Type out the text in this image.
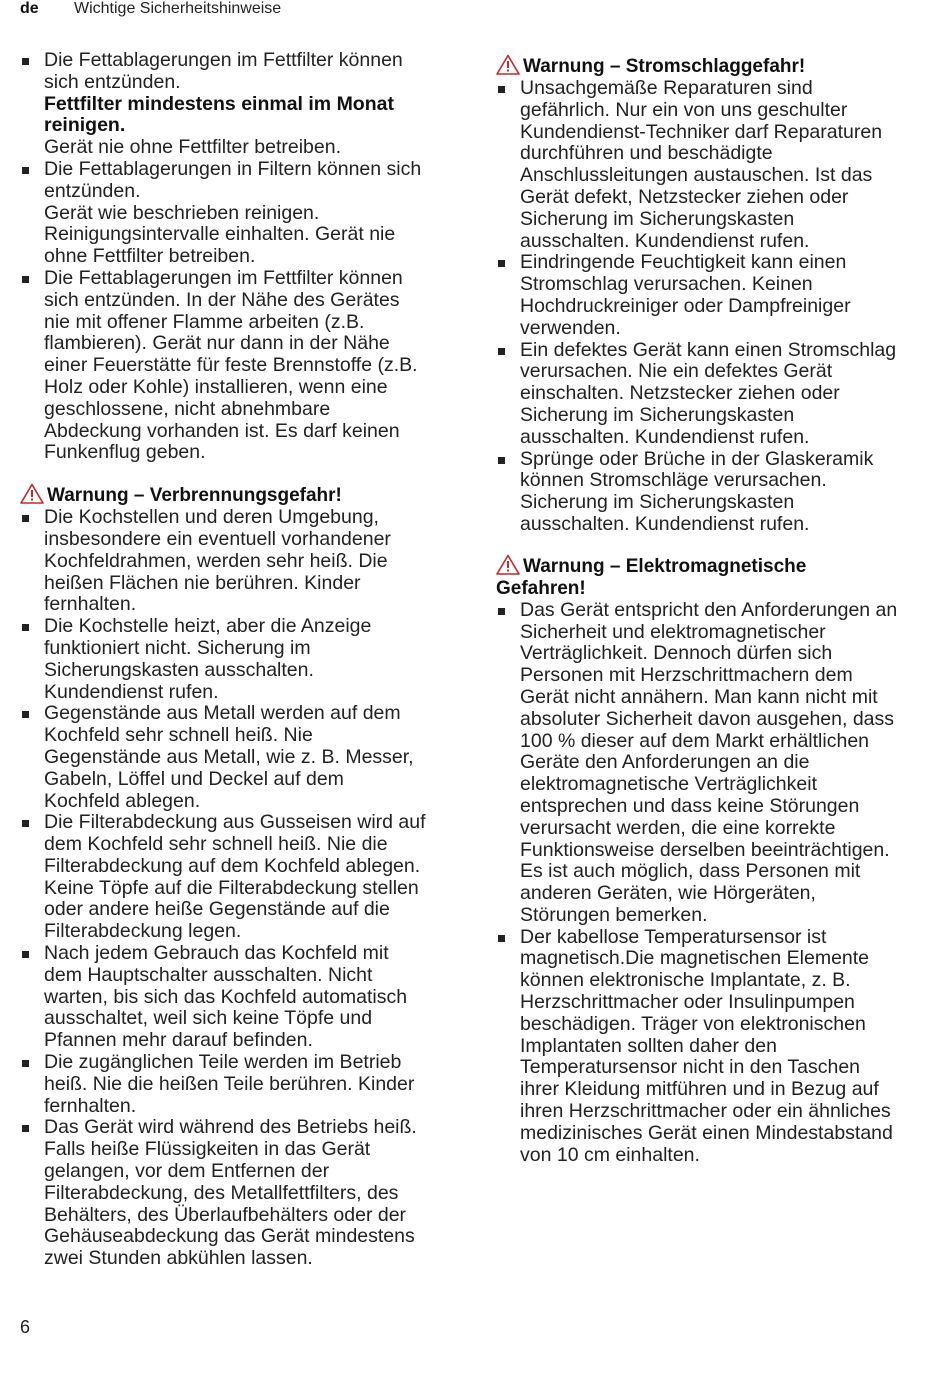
de Wichtige Sicherheitshinweise
Die Fettablagerungen im Fettfilter können
sich entzünden.
Fettfilter mindestens einmal im Monat
reinigen.
Gerät nie ohne Fettfilter betreiben.
Die Fettablagerungen in Filtern können sich
entzünden.
Gerät wie beschrieben reinigen.
Reinigungsintervalle einhalten. Gerät nie
ohne Fettfilter betreiben.
Die Fettablagerungen im Fettfilter können
sich entzünden. In der Nähe des Gerätes
nie mit offener Flamme arbeiten (z.B.
flambieren). Gerät nur dann in der Nähe
einer Feuerstätte für feste Brennstoffe (z.B.
Holz oder Kohle) installieren, wenn eine
geschlossene, nicht abnehmbare
Abdeckung vorhanden ist. Es darf keinen
Funkenflug geben.
Warnung – Verbrennungsgefahr!
Die Kochstellen und deren Umgebung,
insbesondere ein eventuell vorhandener
Kochfeldrahmen, werden sehr heiß. Die
heißen Flächen nie berühren. Kinder
fernhalten.
Die Kochstelle heizt, aber die Anzeige
funktioniert nicht. Sicherung im
Sicherungskasten ausschalten.
Kundendienst rufen.
Gegenstände aus Metall werden auf dem
Kochfeld sehr schnell heiß. Nie
Gegenstände aus Metall, wie z. B. Messer,
Gabeln, Löffel und Deckel auf dem
Kochfeld ablegen.
Die Filterabdeckung aus Gusseisen wird auf
dem Kochfeld sehr schnell heiß. Nie die
Filterabdeckung auf dem Kochfeld ablegen.
Keine Töpfe auf die Filterabdeckung stellen
oder andere heiße Gegenstände auf die
Filterabdeckung legen.
Nach jedem Gebrauch das Kochfeld mit
dem Hauptschalter ausschalten. Nicht
warten, bis sich das Kochfeld automatisch
ausschaltet, weil sich keine Töpfe und
Pfannen mehr darauf befinden.
Die zugänglichen Teile werden im Betrieb
heiß. Nie die heißen Teile berühren. Kinder
fernhalten.
Das Gerät wird während des Betriebs heiß.
Falls heiße Flüssigkeiten in das Gerät
gelangen, vor dem Entfernen der
Filterabdeckung, des Metallfettfilters, des
Behälters, des Überlaufbehälters oder der
Gehäuseabdeckung das Gerät mindestens
zwei Stunden abkühlen lassen.
Warnung – Stromschlaggefahr!
Unsachgemäße Reparaturen sind
gefährlich. Nur ein von uns geschulter
Kundendienst-Techniker darf Reparaturen
durchführen und beschädigte
Anschlussleitungen austauschen. Ist das
Gerät defekt, Netzstecker ziehen oder
Sicherung im Sicherungskasten
ausschalten. Kundendienst rufen.
Eindringende Feuchtigkeit kann einen
Stromschlag verursachen. Keinen
Hochdruckreiniger oder Dampfreiniger
verwenden.
Ein defektes Gerät kann einen Stromschlag
verursachen. Nie ein defektes Gerät
einschalten. Netzstecker ziehen oder
Sicherung im Sicherungskasten
ausschalten. Kundendienst rufen.
Sprünge oder Brüche in der Glaskeramik
können Stromschläge verursachen.
Sicherung im Sicherungskasten
ausschalten. Kundendienst rufen.
Warnung – Elektromagnetische
Gefahren!
Das Gerät entspricht den Anforderungen an
Sicherheit und elektromagnetischer
Verträglichkeit. Dennoch dürfen sich
Personen mit Herzschrittmachern dem
Gerät nicht annähern. Man kann nicht mit
absoluter Sicherheit davon ausgehen, dass
100 % dieser auf dem Markt erhältlichen
Geräte den Anforderungen an die
elektromagnetische Verträglichkeit
entsprechen und dass keine Störungen
verursacht werden, die eine korrekte
Funktionsweise derselben beeinträchtigen.
Es ist auch möglich, dass Personen mit
anderen Geräten, wie Hörgeräten,
Störungen bemerken.
Der kabellose Temperatursensor ist
magnetisch.Die magnetischen Elemente
können elektronische Implantate, z. B.
Herzschrittmacher oder Insulinpumpen
beschädigen. Träger von elektronischen
Implantaten sollten daher den
Temperatursensor nicht in den Taschen
ihrer Kleidung mitführen und in Bezug auf
ihren Herzschrittmacher oder ein ähnliches
medizinisches Gerät einen Mindestabstand
von 10 cm einhalten.
6
